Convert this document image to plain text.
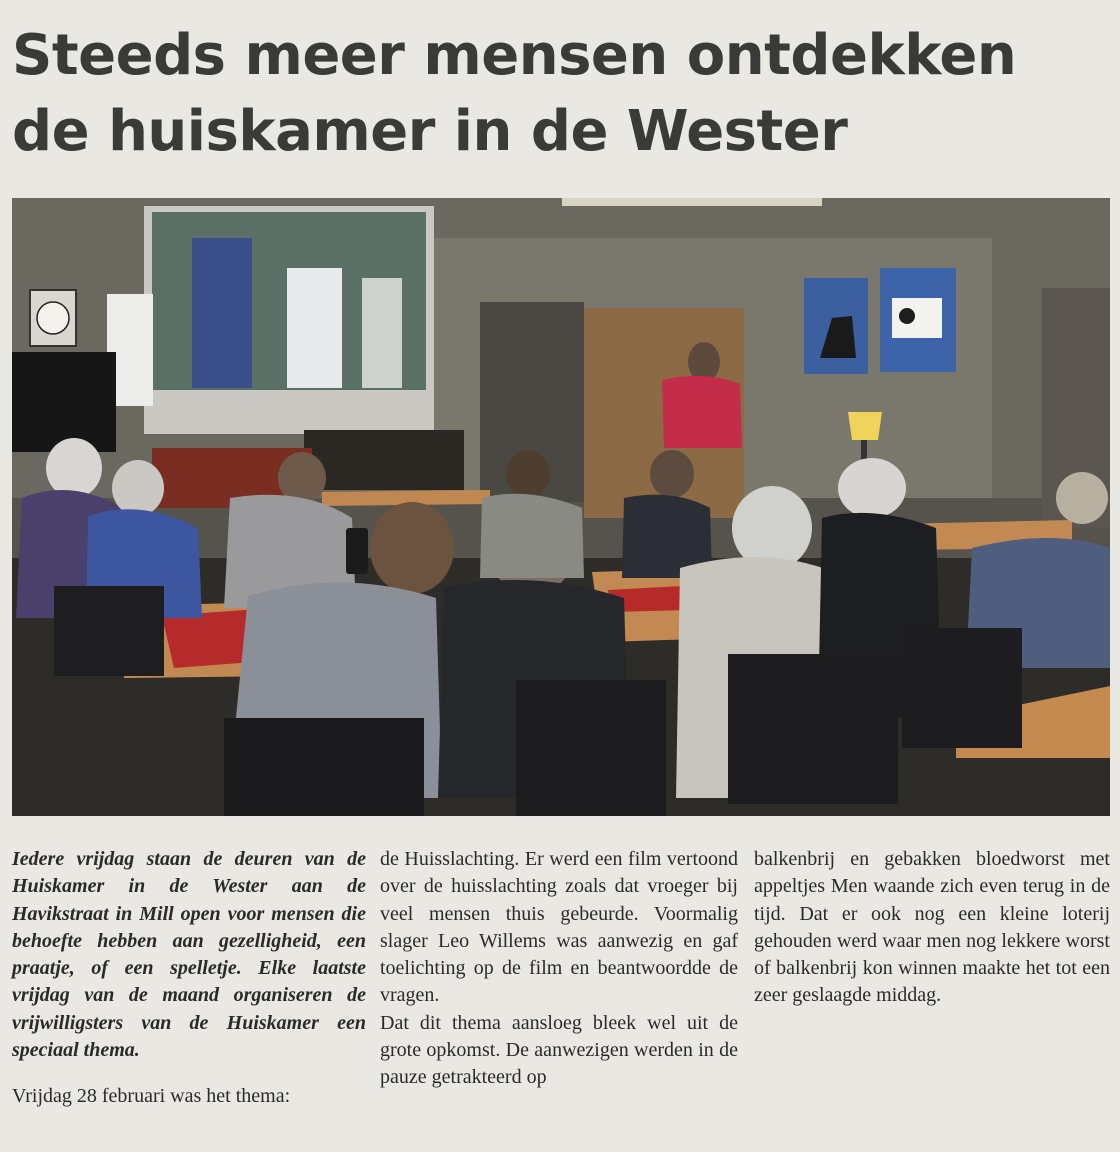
Steeds meer mensen ontdekken
de huiskamer in de Wester

Iedere vrijdag staan de deuren van de Huiskamer in de Wester aan de Havikstraat in Mill open voor mensen die behoefte hebben aan gezelligheid, een praatje, of een spelletje. Elke laatste vrijdag van de maand organiseren de vrijwilligsters van de Huiskamer een speciaal thema.

Vrijdag 28 februari was het thema:

de Huisslachting. Er werd een film vertoond over de huisslachting zoals dat vroeger bij veel mensen thuis gebeurde. Voormalig slager Leo Willems was aanwezig en gaf toelichting op de film en beantwoordde de vragen.

Dat dit thema aansloeg bleek wel uit de grote opkomst. De aanwezigen werden in de pauze getrakteerd op

balkenbrij en gebakken bloedworst met appeltjes Men waande zich even terug in de tijd. Dat er ook nog een kleine loterij gehouden werd waar men nog lekkere worst of balkenbrij kon winnen maakte het tot een zeer geslaagde middag.
